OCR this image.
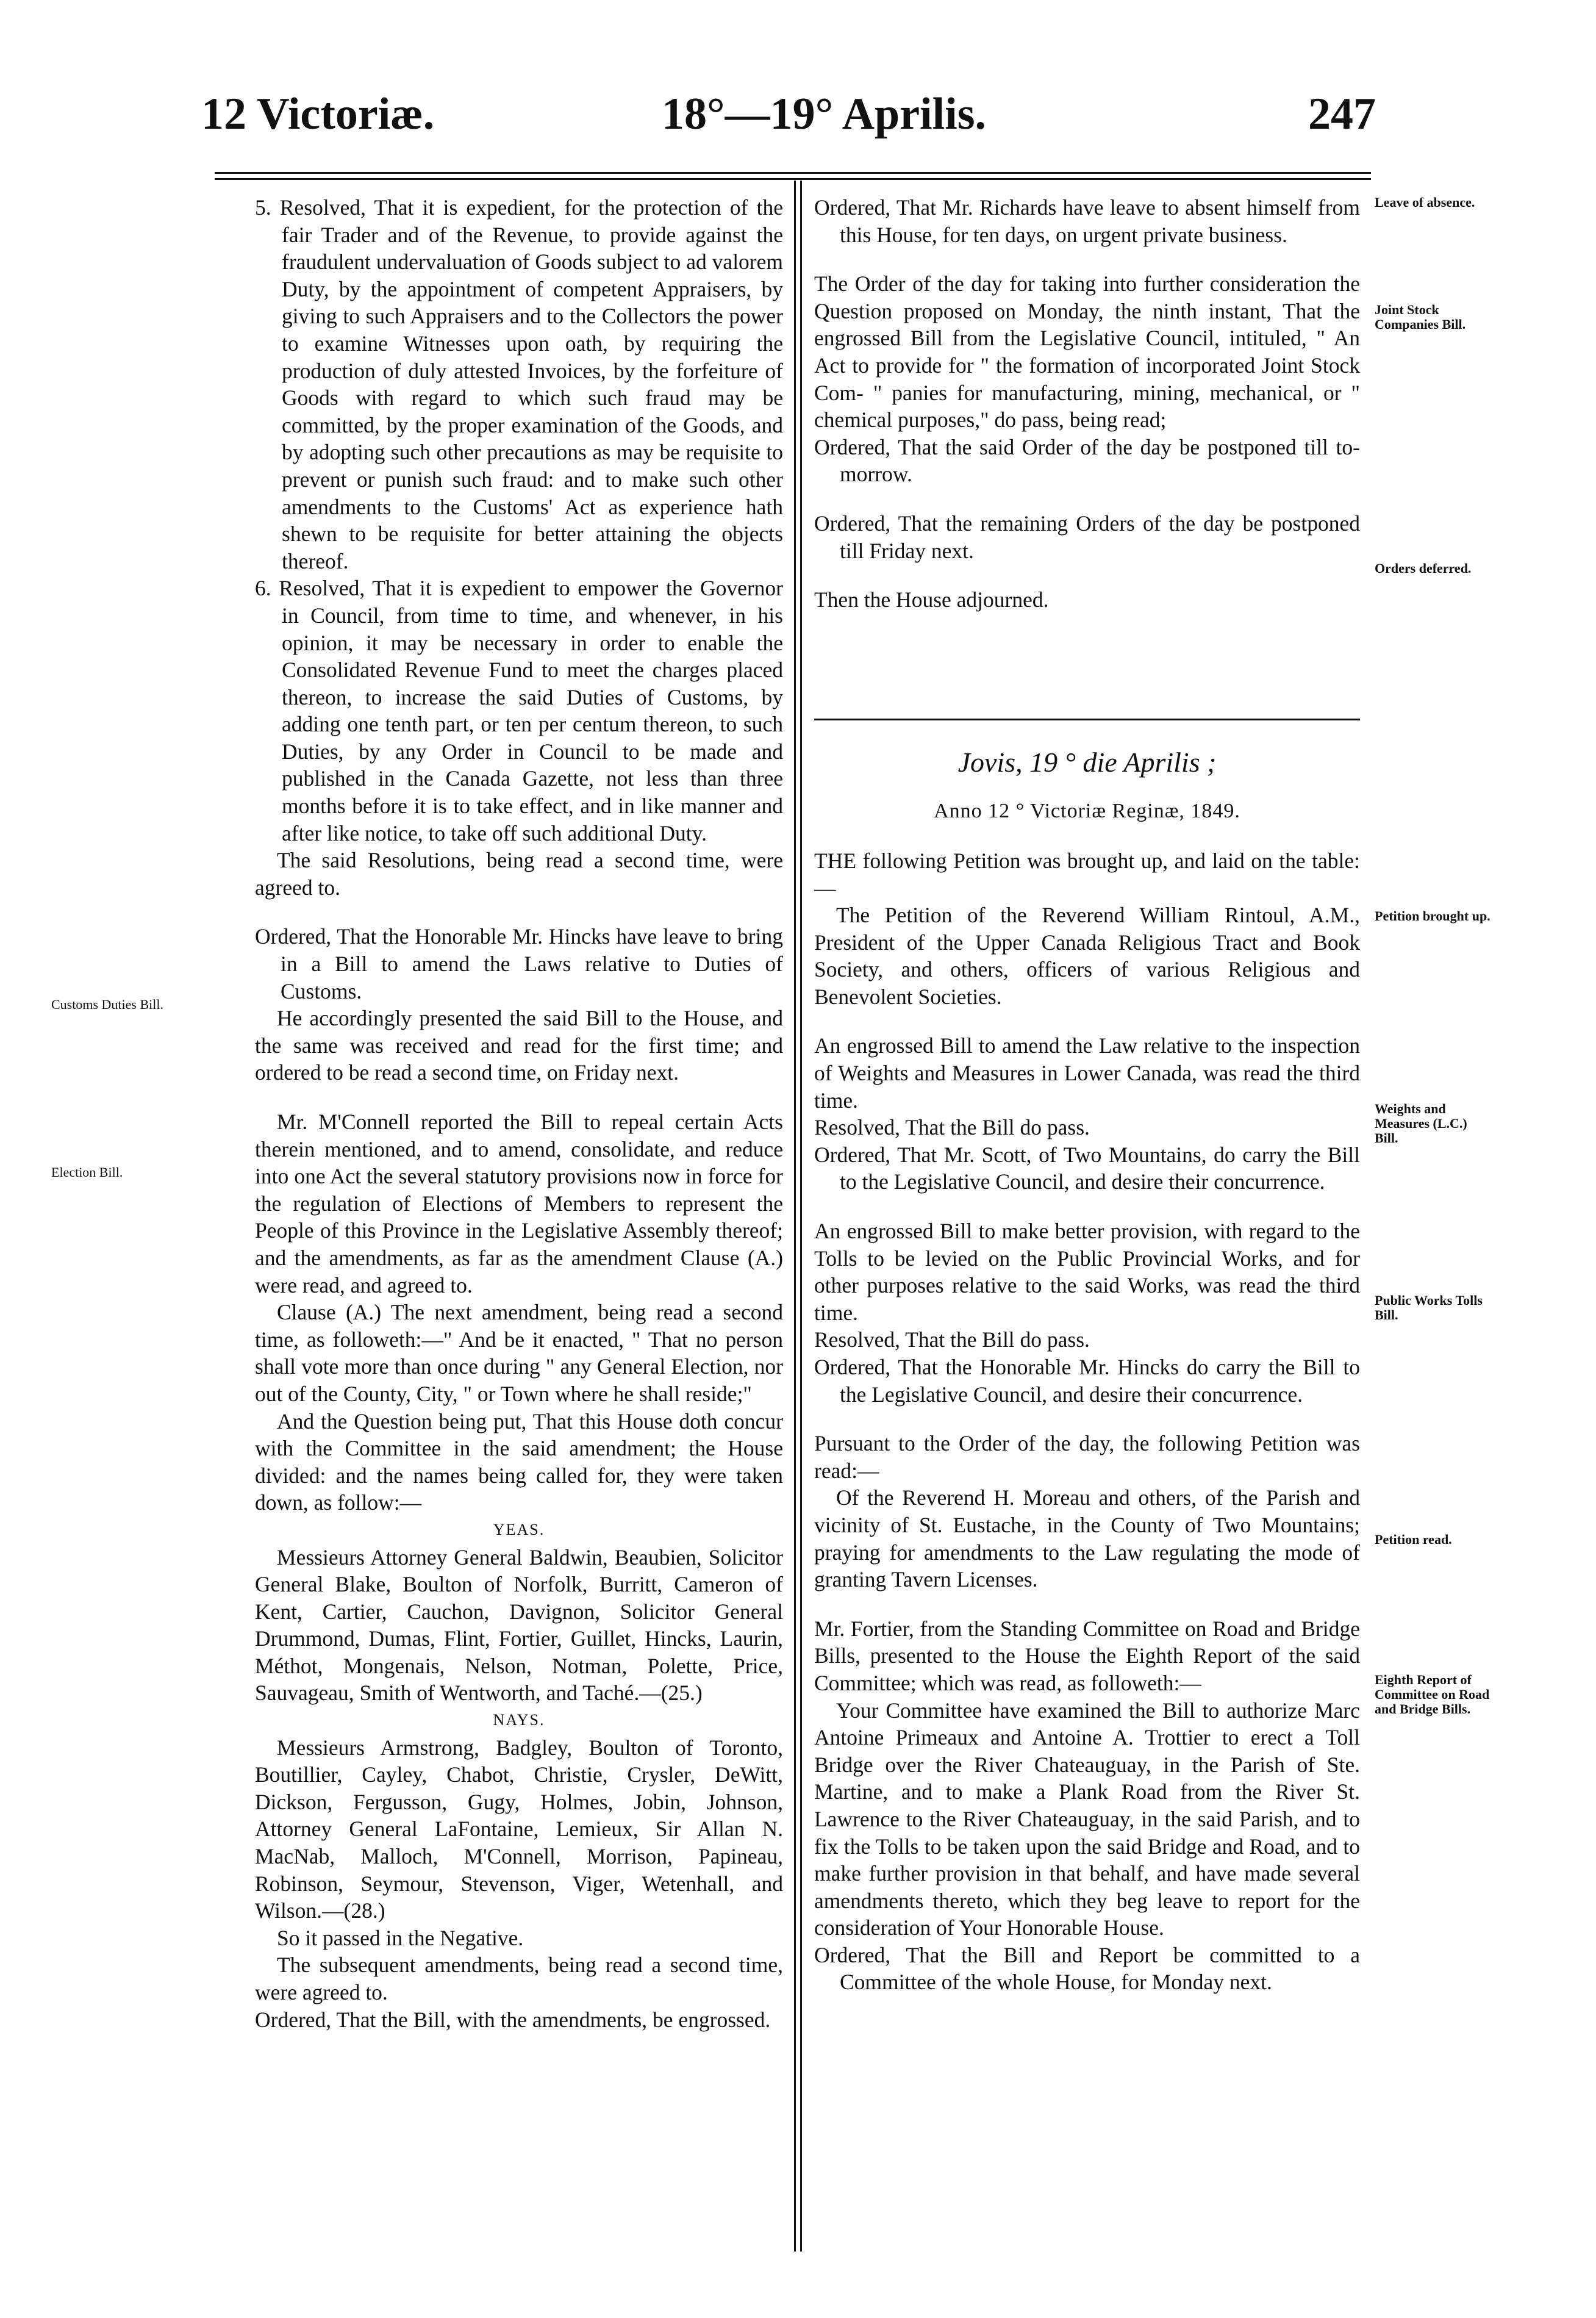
12 Victoriæ.	18°—19° Aprilis.	247
Customs Duties Bill.
Election Bill.
Leave of absence.
Joint Stock Companies Bill.
Orders deferred.
Petition brought up.
Weights and Measures (L.C.) Bill.
Public Works Tolls Bill.
Petition read.
Eighth Report of Committee on Road and Bridge Bills.

5. Resolved, That it is expedient, for the protection of the fair Trader and of the Revenue, to provide against the fraudulent undervaluation of Goods subject to ad valorem Duty, by the appointment of competent Appraisers, by giving to such Appraisers and to the Collectors the power to examine Witnesses upon oath, by requiring the production of duly attested Invoices, by the forfeiture of Goods with regard to which such fraud may be committed, by the proper examination of the Goods, and by adopting such other precautions as may be requisite to prevent or punish such fraud: and to make such other amendments to the Customs' Act as experience hath shewn to be requisite for better attaining the objects thereof.

6. Resolved, That it is expedient to empower the Governor in Council, from time to time, and whenever, in his opinion, it may be necessary in order to enable the Consolidated Revenue Fund to meet the charges placed thereon, to increase the said Duties of Customs, by adding one tenth part, or ten per centum thereon, to such Duties, by any Order in Council to be made and published in the Canada Gazette, not less than three months before it is to take effect, and in like manner and after like notice, to take off such additional Duty.

The said Resolutions, being read a second time, were agreed to.

Ordered, That the Honorable Mr. Hincks have leave to bring in a Bill to amend the Laws relative to Duties of Customs.

He accordingly presented the said Bill to the House, and the same was received and read for the first time; and ordered to be read a second time, on Friday next.

Mr. M'Connell reported the Bill to repeal certain Acts therein mentioned, and to amend, consolidate, and reduce into one Act the several statutory provisions now in force for the regulation of Elections of Members to represent the People of this Province in the Legislative Assembly thereof; and the amendments, as far as the amendment Clause (A.) were read, and agreed to.

Clause (A.) The next amendment, being read a second time, as followeth:—" And be it enacted, " That no person shall vote more than once during " any General Election, nor out of the County, City, " or Town where he shall reside;"

And the Question being put, That this House doth concur with the Committee in the said amendment; the House divided: and the names being called for, they were taken down, as follow:—

YEAS.

Messieurs Attorney General Baldwin, Beaubien, Solicitor General Blake, Boulton of Norfolk, Burritt, Cameron of Kent, Cartier, Cauchon, Davignon, Solicitor General Drummond, Dumas, Flint, Fortier, Guillet, Hincks, Laurin, Méthot, Mongenais, Nelson, Notman, Polette, Price, Sauvageau, Smith of Wentworth, and Taché.—(25.)

NAYS.

Messieurs Armstrong, Badgley, Boulton of Toronto, Boutillier, Cayley, Chabot, Christie, Crysler, DeWitt, Dickson, Fergusson, Gugy, Holmes, Jobin, Johnson, Attorney General LaFontaine, Lemieux, Sir Allan N. MacNab, Malloch, M'Connell, Morrison, Papineau, Robinson, Seymour, Stevenson, Viger, Wetenhall, and Wilson.—(28.)

So it passed in the Negative.

The subsequent amendments, being read a second time, were agreed to.

Ordered, That the Bill, with the amendments, be engrossed.

Ordered, That Mr. Richards have leave to absent himself from this House, for ten days, on urgent private business.

The Order of the day for taking into further consideration the Question proposed on Monday, the ninth instant, That the engrossed Bill from the Legislative Council, intituled, " An Act to provide for " the formation of incorporated Joint Stock Com- " panies for manufacturing, mining, mechanical, or " chemical purposes," do pass, being read;

Ordered, That the said Order of the day be postponed till to-morrow.

Ordered, That the remaining Orders of the day be postponed till Friday next.

Then the House adjourned.

Jovis, 19 ° die Aprilis ;

Anno 12 ° Victoriæ Reginæ, 1849.

THE following Petition was brought up, and laid on the table:—

The Petition of the Reverend William Rintoul, A.M., President of the Upper Canada Religious Tract and Book Society, and others, officers of various Religious and Benevolent Societies.

An engrossed Bill to amend the Law relative to the inspection of Weights and Measures in Lower Canada, was read the third time.

Resolved, That the Bill do pass.

Ordered, That Mr. Scott, of Two Mountains, do carry the Bill to the Legislative Council, and desire their concurrence.

An engrossed Bill to make better provision, with regard to the Tolls to be levied on the Public Provincial Works, and for other purposes relative to the said Works, was read the third time.

Resolved, That the Bill do pass.

Ordered, That the Honorable Mr. Hincks do carry the Bill to the Legislative Council, and desire their concurrence.

Pursuant to the Order of the day, the following Petition was read:—

Of the Reverend H. Moreau and others, of the Parish and vicinity of St. Eustache, in the County of Two Mountains; praying for amendments to the Law regulating the mode of granting Tavern Licenses.

Mr. Fortier, from the Standing Committee on Road and Bridge Bills, presented to the House the Eighth Report of the said Committee; which was read, as followeth:—

Your Committee have examined the Bill to authorize Marc Antoine Primeaux and Antoine A. Trottier to erect a Toll Bridge over the River Chateauguay, in the Parish of Ste. Martine, and to make a Plank Road from the River St. Lawrence to the River Chateauguay, in the said Parish, and to fix the Tolls to be taken upon the said Bridge and Road, and to make further provision in that behalf, and have made several amendments thereto, which they beg leave to report for the consideration of Your Honorable House.

Ordered, That the Bill and Report be committed to a Committee of the whole House, for Monday next.
